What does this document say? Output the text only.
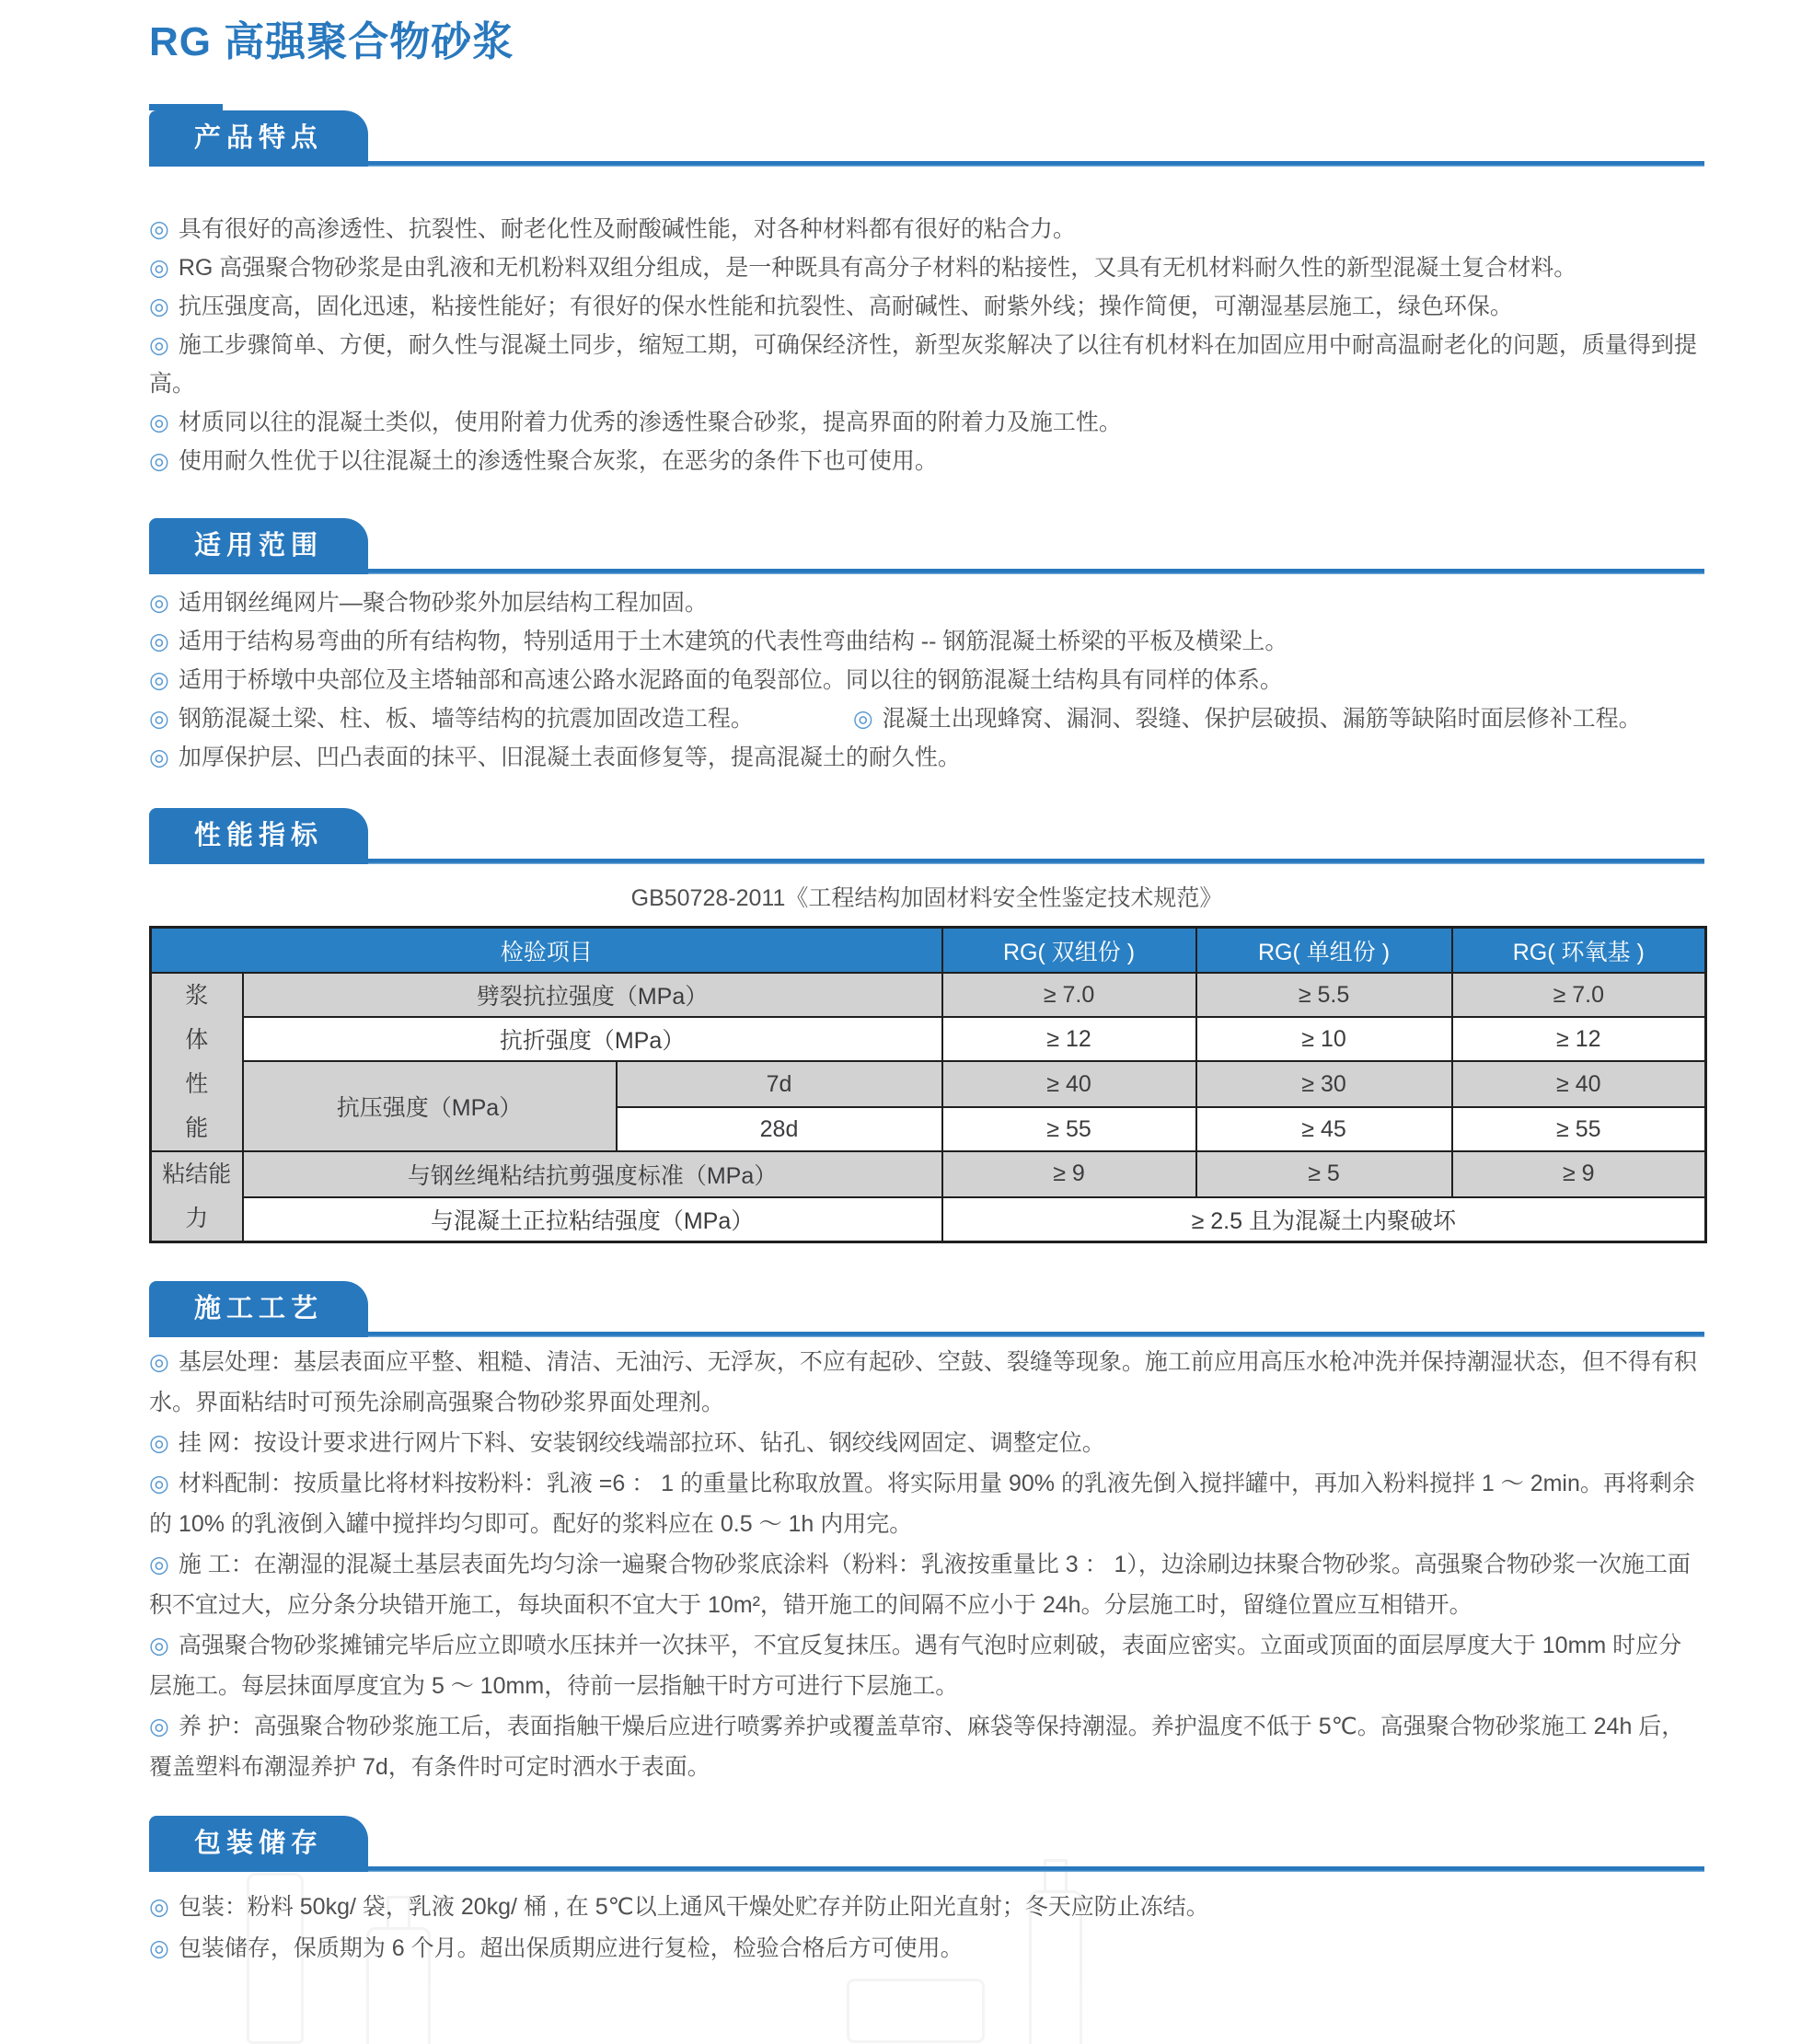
RG 高强聚合物砂浆
产品特点
◎ 具有很好的高渗透性、抗裂性、耐老化性及耐酸碱性能，对各种材料都有很好的粘合力。
◎ RG 高强聚合物砂浆是由乳液和无机粉料双组分组成，是一种既具有高分子材料的粘接性，又具有无机材料耐久性的新型混凝土复合材料。
◎ 抗压强度高，固化迅速，粘接性能好；有很好的保水性能和抗裂性、高耐碱性、耐紫外线；操作简便，可潮湿基层施工，绿色环保。
◎ 施工步骤简单、方便，耐久性与混凝土同步，缩短工期，可确保经济性，新型灰浆解决了以往有机材料在加固应用中耐高温耐老化的问题，质量得到提高。
◎ 材质同以往的混凝土类似，使用附着力优秀的渗透性聚合砂浆，提高界面的附着力及施工性。
◎ 使用耐久性优于以往混凝土的渗透性聚合灰浆，在恶劣的条件下也可使用。
适用范围
◎ 适用钢丝绳网片—聚合物砂浆外加层结构工程加固。
◎ 适用于结构易弯曲的所有结构物，特别适用于土木建筑的代表性弯曲结构 -- 钢筋混凝土桥梁的平板及横梁上。
◎ 适用于桥墩中央部位及主塔轴部和高速公路水泥路面的龟裂部位。同以往的钢筋混凝土结构具有同样的体系。
◎ 钢筋混凝土梁、柱、板、墙等结构的抗震加固改造工程。	◎ 混凝土出现蜂窝、漏洞、裂缝、保护层破损、漏筋等缺陷时面层修补工程。
◎ 加厚保护层、凹凸表面的抹平、旧混凝土表面修复等，提高混凝土的耐久性。
性能指标
GB50728-2011《工程结构加固材料安全性鉴定技术规范》
检验项目			RG( 双组份 )	RG( 单组份 )	RG( 环氧基 )

浆体性能	劈裂抗拉强度（MPa）		≥ 7.0	≥ 5.5	≥ 7.0
	抗折强度（MPa）		≥ 12	≥ 10	≥ 12
	抗压强度（MPa）	7d	≥ 40	≥ 30	≥ 40
		28d	≥ 55	≥ 45	≥ 55

粘结能力	与钢丝绳粘结抗剪强度标准（MPa）		≥ 9	≥ 5	≥ 9
	与混凝土正拉粘结强度（MPa）		≥ 2.5 且为混凝土内聚破坏		
施工工艺
◎ 基层处理：基层表面应平整、粗糙、清洁、无油污、无浮灰，不应有起砂、空鼓、裂缝等现象。施工前应用高压水枪冲洗并保持潮湿状态，但不得有积水。界面粘结时可预先涂刷高强聚合物砂浆界面处理剂。
◎ 挂 网：按设计要求进行网片下料、安装钢绞线端部拉环、钻孔、钢绞线网固定、调整定位。
◎ 材料配制：按质量比将材料按粉料：乳液 =6 ： 1 的重量比称取放置。将实际用量 90% 的乳液先倒入搅拌罐中，再加入粉料搅拌 1 ～ 2min。再将剩余的 10% 的乳液倒入罐中搅拌均匀即可。配好的浆料应在 0.5 ～ 1h 内用完。
◎ 施 工：在潮湿的混凝土基层表面先均匀涂一遍聚合物砂浆底涂料（粉料：乳液按重量比 3 ： 1），边涂刷边抹聚合物砂浆。高强聚合物砂浆一次施工面积不宜过大，应分条分块错开施工，每块面积不宜大于 10m²，错开施工的间隔不应小于 24h。分层施工时，留缝位置应互相错开。
◎ 高强聚合物砂浆摊铺完毕后应立即喷水压抹并一次抹平，不宜反复抹压。遇有气泡时应刺破，表面应密实。立面或顶面的面层厚度大于 10mm 时应分层施工。每层抹面厚度宜为 5 ～ 10mm，待前一层指触干时方可进行下层施工。
◎ 养 护：高强聚合物砂浆施工后，表面指触干燥后应进行喷雾养护或覆盖草帘、麻袋等保持潮湿。养护温度不低于 5℃。高强聚合物砂浆施工 24h 后，覆盖塑料布潮湿养护 7d，有条件时可定时洒水于表面。
包装储存
◎ 包装：粉料 50kg/ 袋，乳液 20kg/ 桶 , 在 5℃以上通风干燥处贮存并防止阳光直射；冬天应防止冻结。
◎ 包装储存，保质期为 6 个月。超出保质期应进行复检，检验合格后方可使用。
